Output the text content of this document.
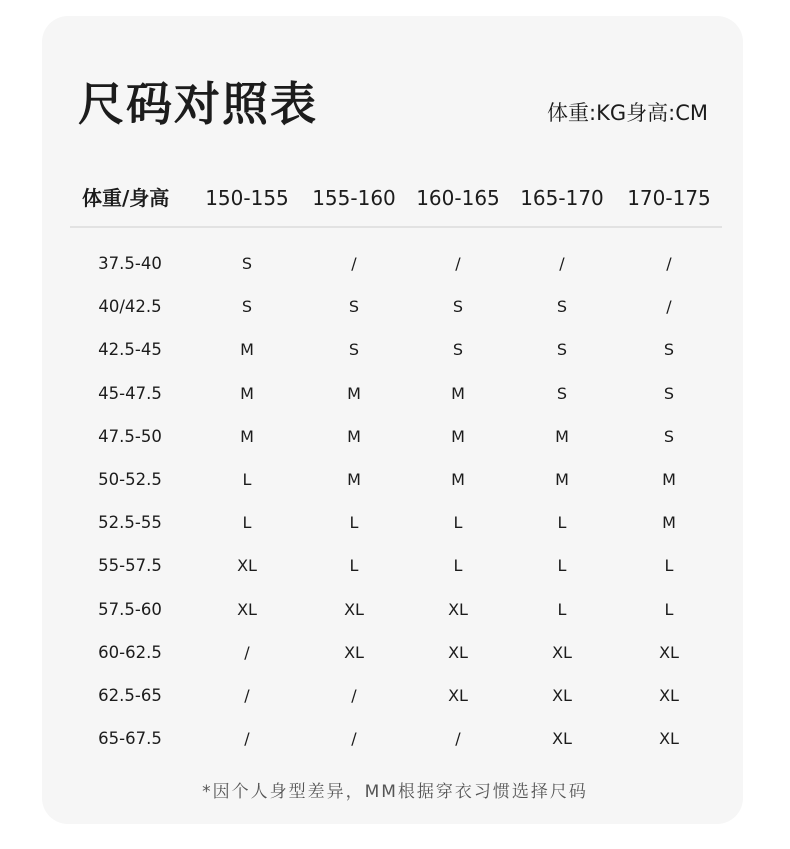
尺码对照表	体重:KG身高:CM
体重/身高 150-155 155-160 160-165 165-170 170-175
37.5-40	S	/	/	/	/
40/42.5	S	S	S	S	/
42.5-45	M	S	S	S	S
45-47.5	M	M	M	S	S
47.5-50	M	M	M	M	S
50-52.5	L	M	M	M	M
52.5-55	L	L	L	L	M
55-57.5	XL	L	L	L	L
57.5-60	XL	XL	XL	L	L
60-62.5	/	XL	XL	XL	XL
62.5-65	/	/	XL	XL	XL
65-67.5	/	/	/	XL	XL
*因个人身型差异，MM根据穿衣习惯选择尺码
